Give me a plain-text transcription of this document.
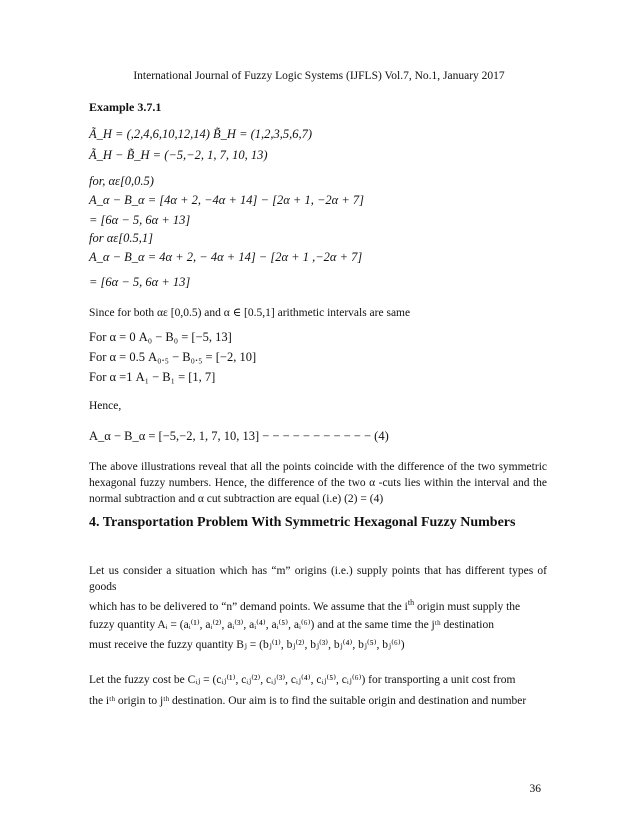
International Journal of Fuzzy Logic Systems (IJFLS) Vol.7, No.1, January 2017
Example 3.7.1
Ã_H = (,2,4,6,10,12,14) B̃_H = (1,2,3,5,6,7)
Ã_H − B̃_H = (−5,−2, 1, 7, 10, 13)
for, αε[0,0.5)
A_α − B_α = [4α + 2, −4α + 14] − [2α + 1, −2α + 7]
= [6α − 5, 6α + 13]
for αε[0.5,1]
A_α − B_α = 4α + 2, − 4α + 14] − [2α + 1 ,−2α + 7]
= [6α − 5, 6α + 13]
Since for both αε [0,0.5) and α ∈ [0.5,1] arithmetic intervals are same
For α = 0 A₀ − B₀ = [−5, 13]
For α = 0.5 A₀.₅ − B₀.₅ = [−2, 10]
For α =1 A₁ − B₁ = [1, 7]
Hence,
A_α − B_α = [−5,−2, 1, 7, 10, 13] − − − − − − − − − − − (4)
The above illustrations reveal that all the points coincide with the difference of the two symmetric hexagonal fuzzy numbers. Hence, the difference of the two α -cuts lies within the interval and the normal subtraction and α cut subtraction are equal (i.e) (2) = (4)
4. Transportation Problem With Symmetric Hexagonal Fuzzy Numbers
Let us consider a situation which has “m” origins (i.e.) supply points that has different types of goods
which has to be delivered to “n” demand points. We assume that the $i^{th}$ origin must supply the
fuzzy quantity Aᵢ = (aᵢ⁽¹⁾, aᵢ⁽²⁾, aᵢ⁽³⁾, aᵢ⁽⁴⁾, aᵢ⁽⁵⁾, aᵢ⁽⁶⁾) and at the same time the jᵗʰ destination
must receive the fuzzy quantity Bⱼ = (bⱼ⁽¹⁾, bⱼ⁽²⁾, bⱼ⁽³⁾, bⱼ⁽⁴⁾, bⱼ⁽⁵⁾, bⱼ⁽⁶⁾)
Let the fuzzy cost be Cᵢⱼ = (cᵢⱼ⁽¹⁾, cᵢⱼ⁽²⁾, cᵢⱼ⁽³⁾, cᵢⱼ⁽⁴⁾, cᵢⱼ⁽⁵⁾, cᵢⱼ⁽⁶⁾) for transporting a unit cost from
the iᵗʰ origin to jᵗʰ destination. Our aim is to find the suitable origin and destination and number
36
